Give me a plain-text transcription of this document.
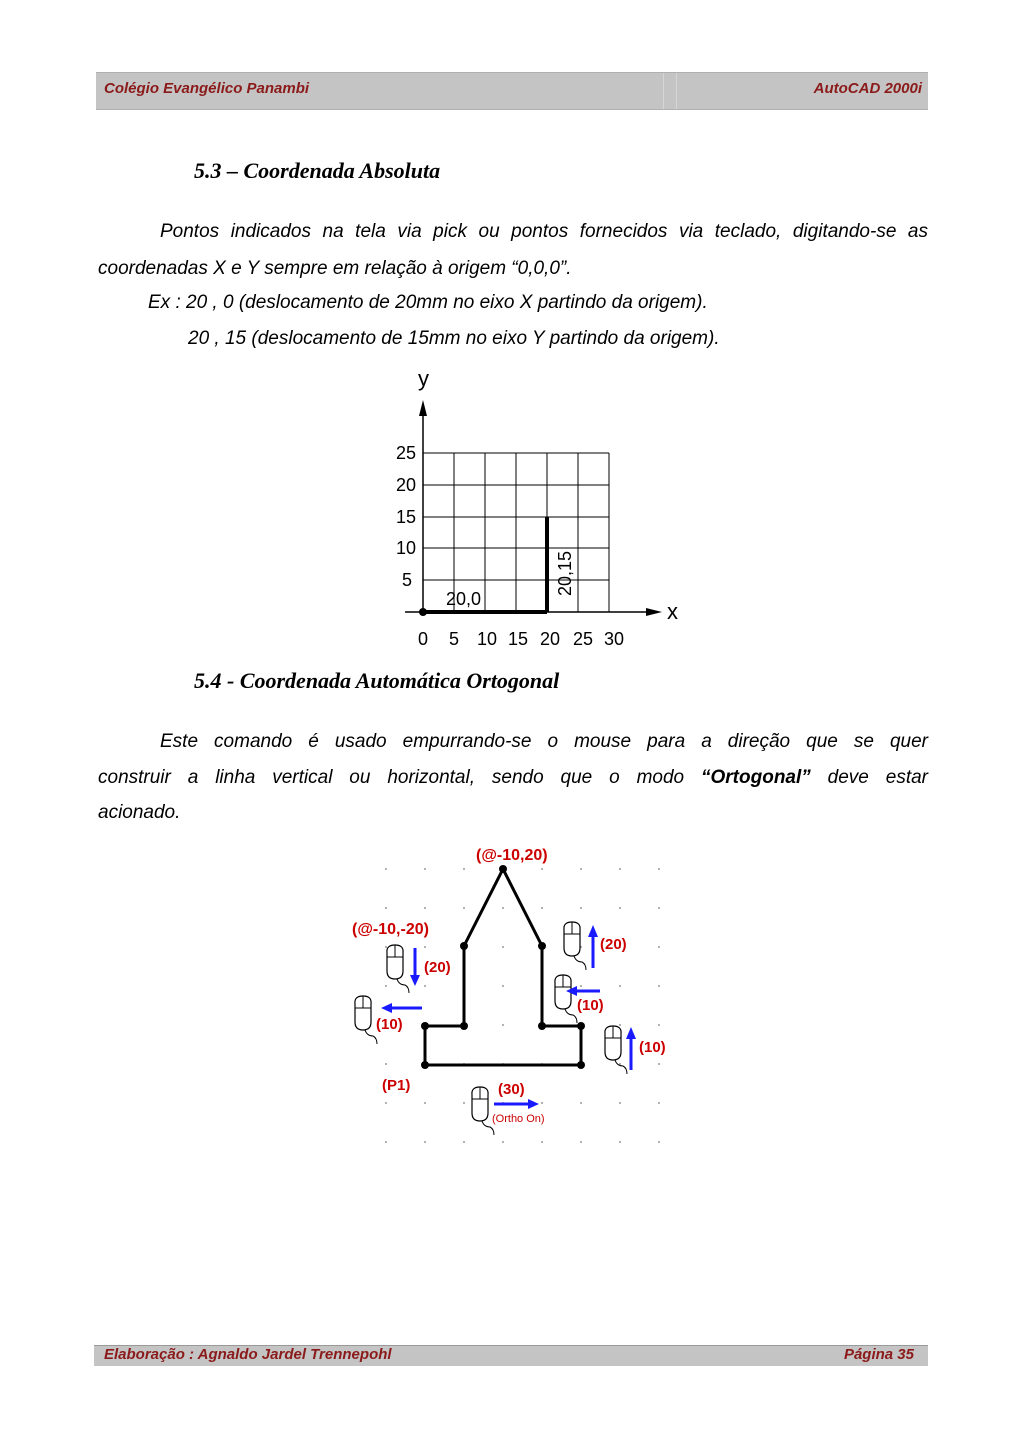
Colégio Evangélico Panambi	AutoCAD 2000i
5.3 – Coordenada Absoluta
Pontos indicados na tela via pick ou pontos fornecidos via teclado, digitando-se as
coordenadas X e Y sempre em relação à origem “0,0,0”.
Ex : 20 , 0 (deslocamento de 20mm no eixo X partindo da origem).
20 , 15 (deslocamento de 15mm no eixo Y partindo da origem).
y
x
25
20
15
10
5
0 5 10 15 20 25 30
20,0
20,15
5.4 - Coordenada Automática Ortogonal
Este comando é usado empurrando-se o mouse para a direção que se quer
construir a linha vertical ou horizontal, sendo que o modo “Ortogonal” deve estar
acionado.
(@-10,20)
(@-10,-20)
(20)
(10)
(20)
(10)
(10)
(P1)	(30)
(Ortho On)
Elaboração : Agnaldo Jardel Trennepohl	Página 35
